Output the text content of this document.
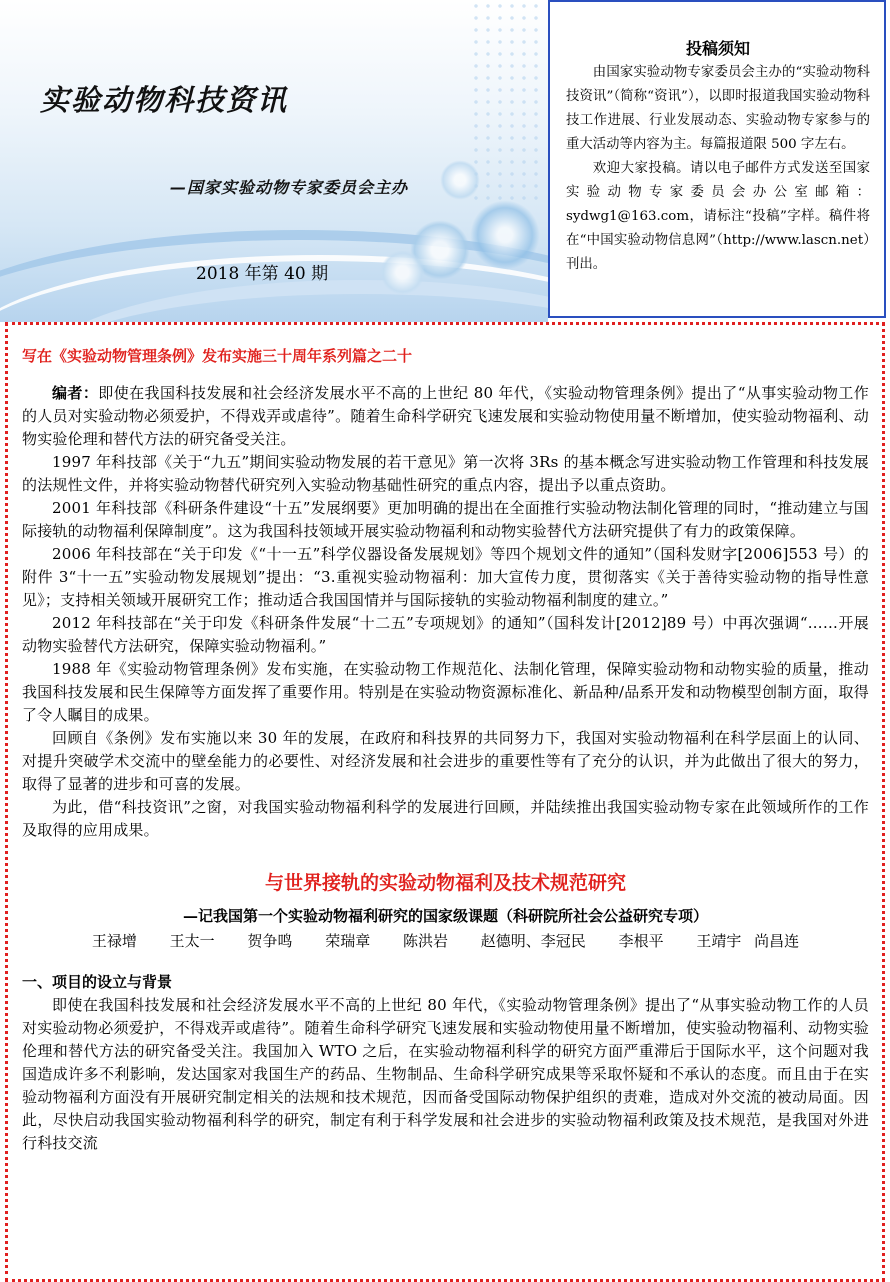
实验动物科技资讯
—国家实验动物专家委员会主办
2018 年第 40 期
投稿须知

由国家实验动物专家委员会主办的“实验动物科技资讯”（简称“资讯”），以即时报道我国实验动物科技工作进展、行业发展动态、实验动物专家参与的重大活动等内容为主。每篇报道限 500 字左右。

欢迎大家投稿。请以电子邮件方式发送至国家实验动物专家委员会办公室邮箱：sydwg1@163.com，请标注“投稿”字样。稿件将在“中国实验动物信息网”（http://www.lascn.net）刊出。

写在《实验动物管理条例》发布实施三十周年系列篇之二十

编者：即使在我国科技发展和社会经济发展水平不高的上世纪 80 年代，《实验动物管理条例》提出了“从事实验动物工作的人员对实验动物必须爱护，不得戏弄或虐待”。随着生命科学研究飞速发展和实验动物使用量不断增加，使实验动物福利、动物实验伦理和替代方法的研究备受关注。

1997 年科技部《关于“九五”期间实验动物发展的若干意见》第一次将 3Rs 的基本概念写进实验动物工作管理和科技发展的法规性文件，并将实验动物替代研究列入实验动物基础性研究的重点内容，提出予以重点资助。

2001 年科技部《科研条件建设“十五”发展纲要》更加明确的提出在全面推行实验动物法制化管理的同时，“推动建立与国际接轨的动物福利保障制度”。这为我国科技领域开展实验动物福利和动物实验替代方法研究提供了有力的政策保障。

2006 年科技部在“关于印发《“十一五”科学仪器设备发展规划》等四个规划文件的通知”（国科发财字[2006]553 号）的附件 3“十一五”实验动物发展规划”提出：“3.重视实验动物福利：加大宣传力度，贯彻落实《关于善待实验动物的指导性意见》；支持相关领域开展研究工作；推动适合我国国情并与国际接轨的实验动物福利制度的建立。”

2012 年科技部在“关于印发《科研条件发展“十二五”专项规划》的通知”（国科发计[2012]89 号）中再次强调“……开展动物实验替代方法研究，保障实验动物福利。”

1988 年《实验动物管理条例》发布实施，在实验动物工作规范化、法制化管理，保障实验动物和动物实验的质量，推动我国科技发展和民生保障等方面发挥了重要作用。特别是在实验动物资源标准化、新品种/品系开发和动物模型创制方面，取得了令人瞩目的成果。

回顾自《条例》发布实施以来 30 年的发展，在政府和科技界的共同努力下，我国对实验动物福利在科学层面上的认同、对提升突破学术交流中的壁垒能力的必要性、对经济发展和社会进步的重要性等有了充分的认识，并为此做出了很大的努力，取得了显著的进步和可喜的发展。

为此，借“科技资讯”之窗，对我国实验动物福利科学的发展进行回顾，并陆续推出我国实验动物专家在此领域所作的工作及取得的应用成果。

与世界接轨的实验动物福利及技术规范研究
—记我国第一个实验动物福利研究的国家级课题（科研院所社会公益研究专项）
王禄增 王太一 贺争鸣 荣瑞章 陈洪岩 赵德明、李冠民 李根平 王靖宇 尚昌连
一、项目的设立与背景

即使在我国科技发展和社会经济发展水平不高的上世纪 80 年代，《实验动物管理条例》提出了“从事实验动物工作的人员对实验动物必须爱护，不得戏弄或虐待”。随着生命科学研究飞速发展和实验动物使用量不断增加，使实验动物福利、动物实验伦理和替代方法的研究备受关注。我国加入 WTO 之后，在实验动物福利科学的研究方面严重滞后于国际水平，这个问题对我国造成许多不利影响，发达国家对我国生产的药品、生物制品、生命科学研究成果等采取怀疑和不承认的态度。而且由于在实验动物福利方面没有开展研究制定相关的法规和技术规范，因而备受国际动物保护组织的责难，造成对外交流的被动局面。因此，尽快启动我国实验动物福利科学的研究，制定有利于科学发展和社会进步的实验动物福利政策及技术规范，是我国对外进行科技交流
